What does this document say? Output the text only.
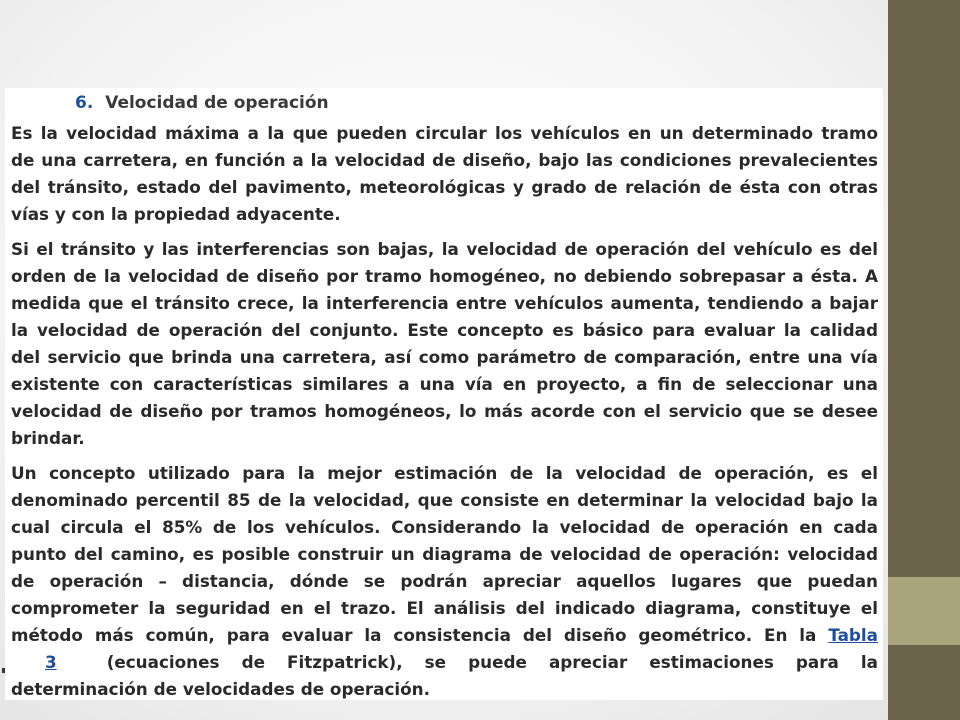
6. Velocidad de operación
Es la velocidad máxima a la que pueden circular los vehículos en un determinado tramo
de una carretera, en función a la velocidad de diseño, bajo las condiciones prevalecientes
del tránsito, estado del pavimento, meteorológicas y grado de relación de ésta con otras
vías y con la propiedad adyacente.
Si el tránsito y las interferencias son bajas, la velocidad de operación del vehículo es del
orden de la velocidad de diseño por tramo homogéneo, no debiendo sobrepasar a ésta. A
medida que el tránsito crece, la interferencia entre vehículos aumenta, tendiendo a bajar
la velocidad de operación del conjunto. Este concepto es básico para evaluar la calidad
del servicio que brinda una carretera, así como parámetro de comparación, entre una vía
existente con características similares a una vía en proyecto, a fin de seleccionar una
velocidad de diseño por tramos homogéneos, lo más acorde con el servicio que se desee
brindar.
Un concepto utilizado para la mejor estimación de la velocidad de operación, es el
denominado percentil 85 de la velocidad, que consiste en determinar la velocidad bajo la
cual circula el 85% de los vehículos. Considerando la velocidad de operación en cada
punto del camino, es posible construir un diagrama de velocidad de operación: velocidad
de operación – distancia, dónde se podrán apreciar aquellos lugares que puedan
comprometer la seguridad en el trazo. El análisis del indicado diagrama, constituye el
método más común, para evaluar la consistencia del diseño geométrico. En la Tabla
3	(ecuaciones de Fitzpatrick), se puede apreciar estimaciones para la
determinación de velocidades de operación.
